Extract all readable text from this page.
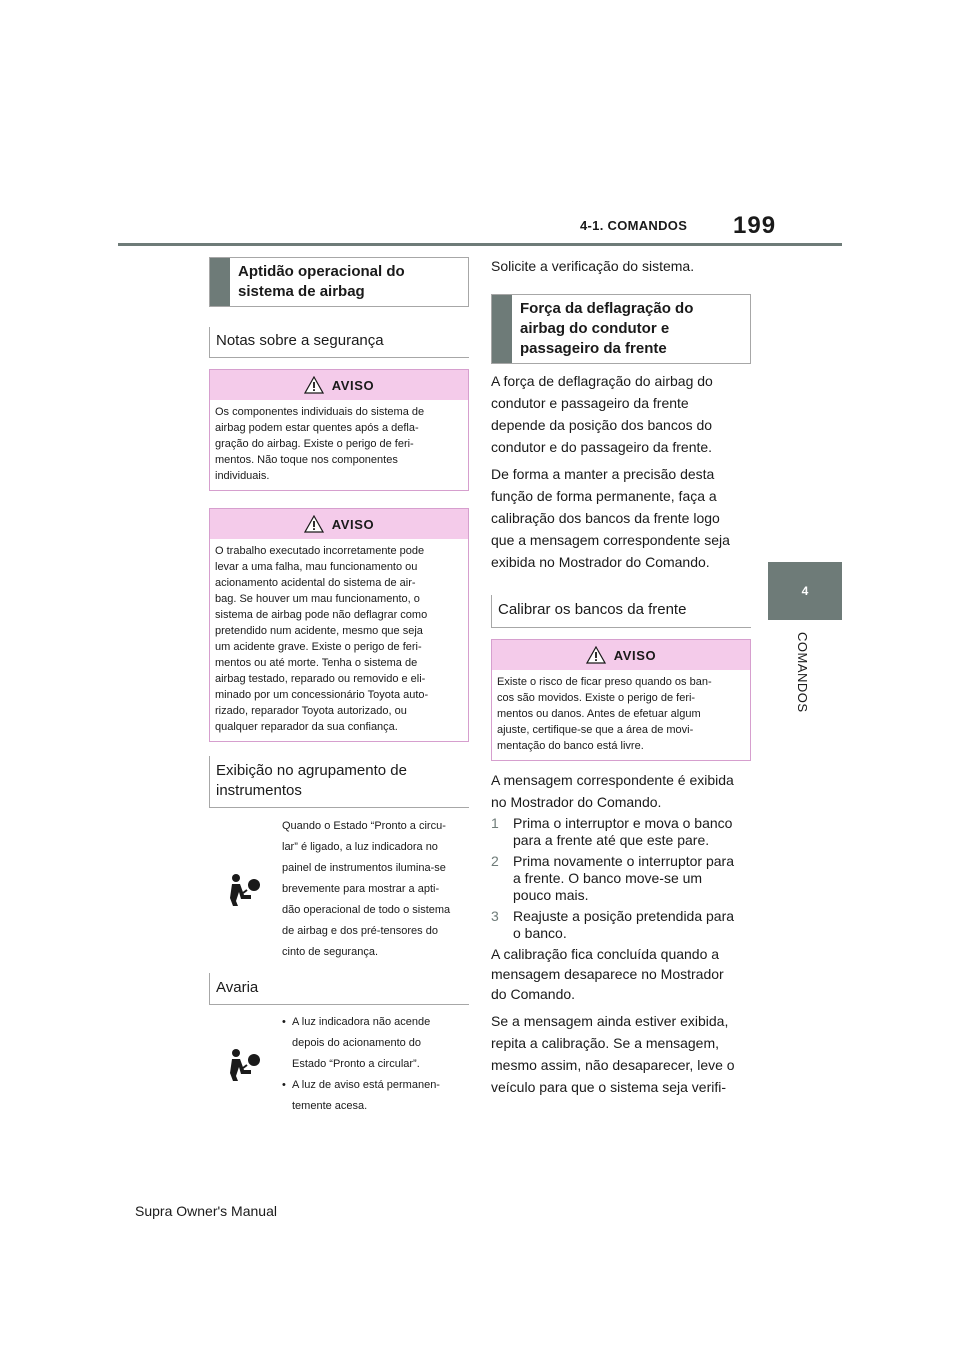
4-1. COMANDOS 199
4
COMANDOS
Aptidão operacional do sistema de airbag
Notas sobre a segurança
AVISO
Os componentes individuais do sistema de
airbag podem estar quentes após a defla-
gração do airbag. Existe o perigo de feri-
mentos. Não toque nos componentes
individuais.
AVISO
O trabalho executado incorretamente pode
levar a uma falha, mau funcionamento ou
acionamento acidental do sistema de air-
bag. Se houver um mau funcionamento, o
sistema de airbag pode não deflagrar como
pretendido num acidente, mesmo que seja
um acidente grave. Existe o perigo de feri-
mentos ou até morte. Tenha o sistema de
airbag testado, reparado ou removido e eli-
minado por um concessionário Toyota auto-
rizado, reparador Toyota autorizado, ou
qualquer reparador da sua confiança.
Exibição no agrupamento de instrumentos
Quando o Estado “Pronto a circu-
lar” é ligado, a luz indicadora no
painel de instrumentos ilumina-se
brevemente para mostrar a apti-
dão operacional de todo o sistema
de airbag e dos pré-tensores do
cinto de segurança.
Avaria
• A luz indicadora não acende
depois do acionamento do
Estado “Pronto a circular”.
• A luz de aviso está permanen-
temente acesa.
Solicite a verificação do sistema.
Força da deflagração do airbag do condutor e passageiro da frente
A força de deflagração do airbag do
condutor e passageiro da frente
depende da posição dos bancos do
condutor e do passageiro da frente.
De forma a manter a precisão desta
função de forma permanente, faça a
calibração dos bancos da frente logo
que a mensagem correspondente seja
exibida no Mostrador do Comando.
Calibrar os bancos da frente
AVISO
Existe o risco de ficar preso quando os ban-
cos são movidos. Existe o perigo de feri-
mentos ou danos. Antes de efetuar algum
ajuste, certifique-se que a área de movi-
mentação do banco está livre.
A mensagem correspondente é exibida
no Mostrador do Comando.
1	Prima o interruptor e mova o banco
para a frente até que este pare.
2	Prima novamente o interruptor para
a frente. O banco move-se um
pouco mais.
3	Reajuste a posição pretendida para
o banco.
A calibração fica concluída quando a
mensagem desaparece no Mostrador
do Comando.
Se a mensagem ainda estiver exibida,
repita a calibração. Se a mensagem,
mesmo assim, não desaparecer, leve o
veículo para que o sistema seja verifi-
Supra Owner's Manual
